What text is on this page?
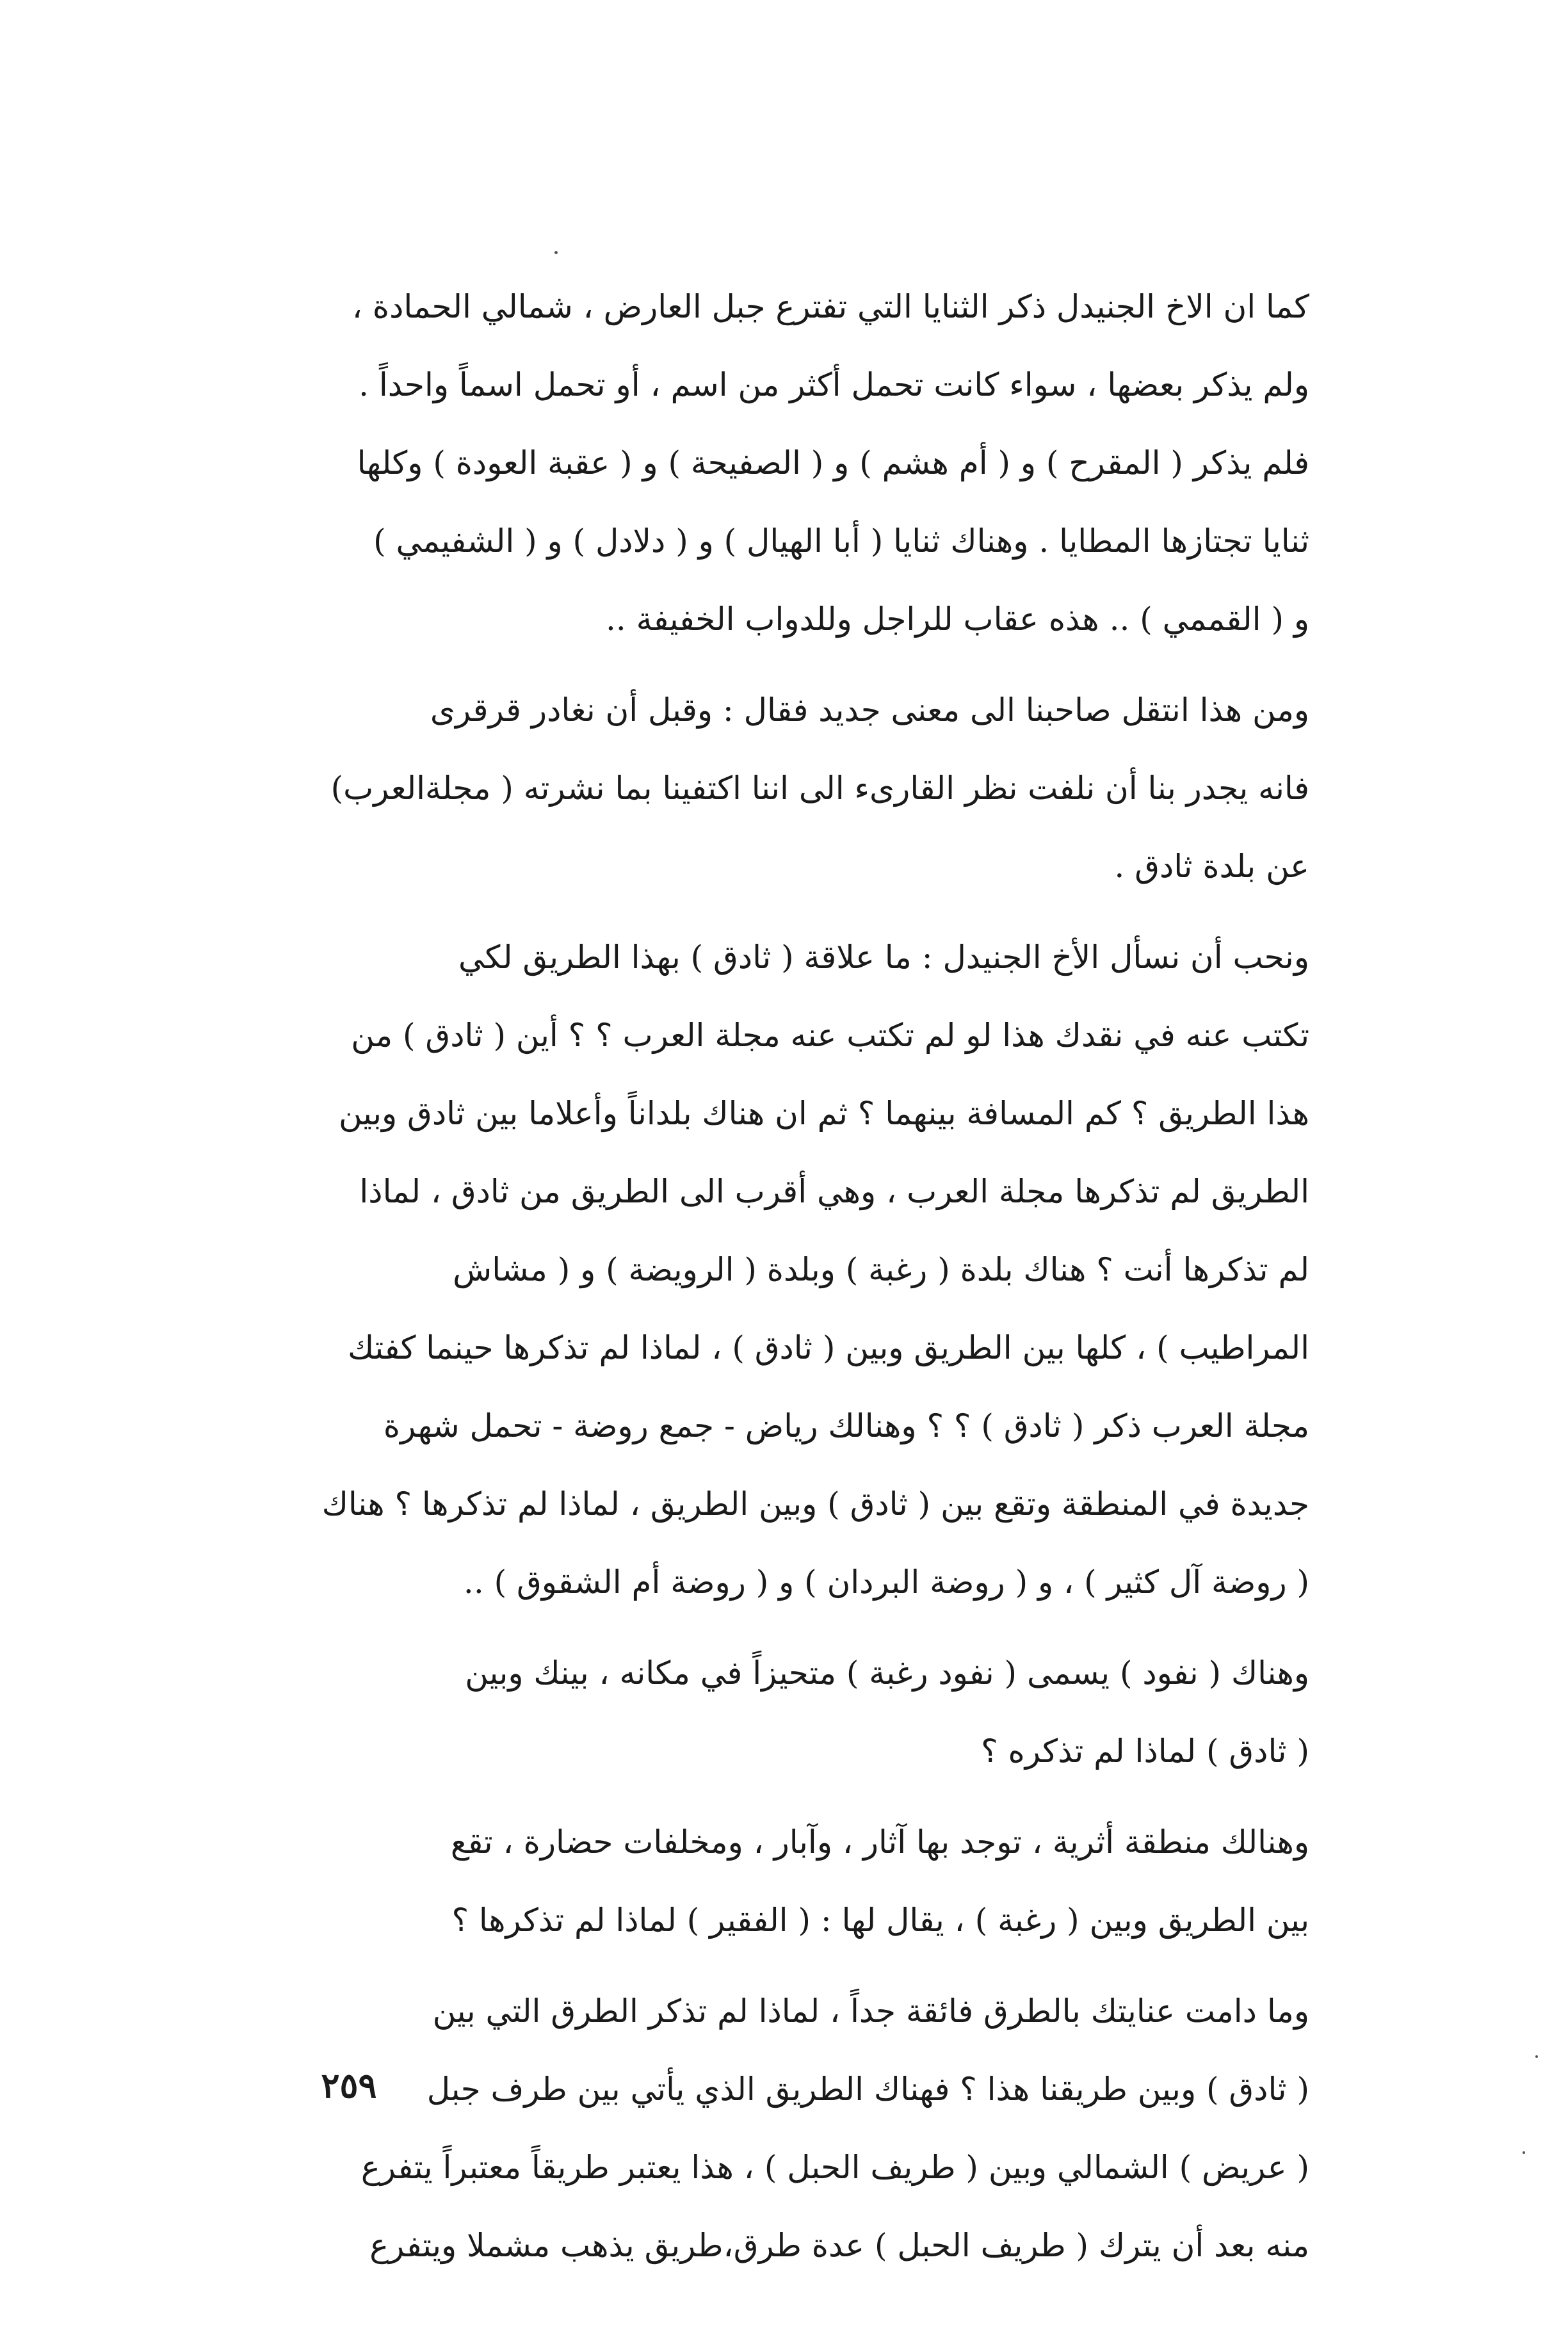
كما ان الاخ الجنيدل ذكر الثنايا التي تفترع جبل العارض ، شمالي الحمادة ،
ولم يذكر بعضها ، سواء كانت تحمل أكثر من اسم ، أو تحمل اسماً واحداً .
فلم يذكر ( المقرح ) و ( أم هشم ) و ( الصفيحة ) و ( عقبة العودة ) وكلها
ثنايا تجتازها المطايا . وهناك ثنايا ( أبا الهيال ) و ( دلادل ) و ( الشفيمي )
و ( القممي ) .. هذه عقاب للراجل وللدواب الخفيفة ..
ومن هذا انتقل صاحبنا الى معنى جديد فقال : وقبل أن نغادر قرقرى
فانه يجدر بنا أن نلفت نظر القارىء الى اننا اكتفينا بما نشرته ( مجلةالعرب)
عن بلدة ثادق .
ونحب أن نسأل الأخ الجنيدل : ما علاقة ( ثادق ) بهذا الطريق لكي
تكتب عنه في نقدك هذا لو لم تكتب عنه مجلة العرب ؟ ؟ أين ( ثادق ) من
هذا الطريق ؟ كم المسافة بينهما ؟ ثم ان هناك بلداناً وأعلاما بين ثادق وبين
الطريق لم تذكرها مجلة العرب ، وهي أقرب الى الطريق من ثادق ، لماذا
لم تذكرها أنت ؟ هناك بلدة ( رغبة ) وبلدة ( الرويضة ) و ( مشاش
المراطيب ) ، كلها بين الطريق وبين ( ثادق ) ، لماذا لم تذكرها حينما كفتك
مجلة العرب ذكر ( ثادق ) ؟ ؟ وهنالك رياض - جمع روضة - تحمل شهرة
جديدة في المنطقة وتقع بين ( ثادق ) وبين الطريق ، لماذا لم تذكرها ؟ هناك
( روضة آل كثير ) ، و ( روضة البردان ) و ( روضة أم الشقوق ) ..
وهناك ( نفود ) يسمى ( نفود رغبة ) متحيزاً في مكانه ، بينك وبين
( ثادق ) لماذا لم تذكره ؟
وهنالك منطقة أثرية ، توجد بها آثار ، وآبار ، ومخلفات حضارة ، تقع
بين الطريق وبين ( رغبة ) ، يقال لها : ( الفقير ) لماذا لم تذكرها ؟
وما دامت عنايتك بالطرق فائقة جداً ، لماذا لم تذكر الطرق التي بين
( ثادق ) وبين طريقنا هذا ؟ فهناك الطريق الذي يأتي بين طرف جبل
( عريض ) الشمالي وبين ( طريف الحبل ) ، هذا يعتبر طريقاً معتبراً يتفرع
منه بعد أن يترك ( طريف الحبل ) عدة طرق،طريق يذهب مشملا ويتفرع
٢٥٩
